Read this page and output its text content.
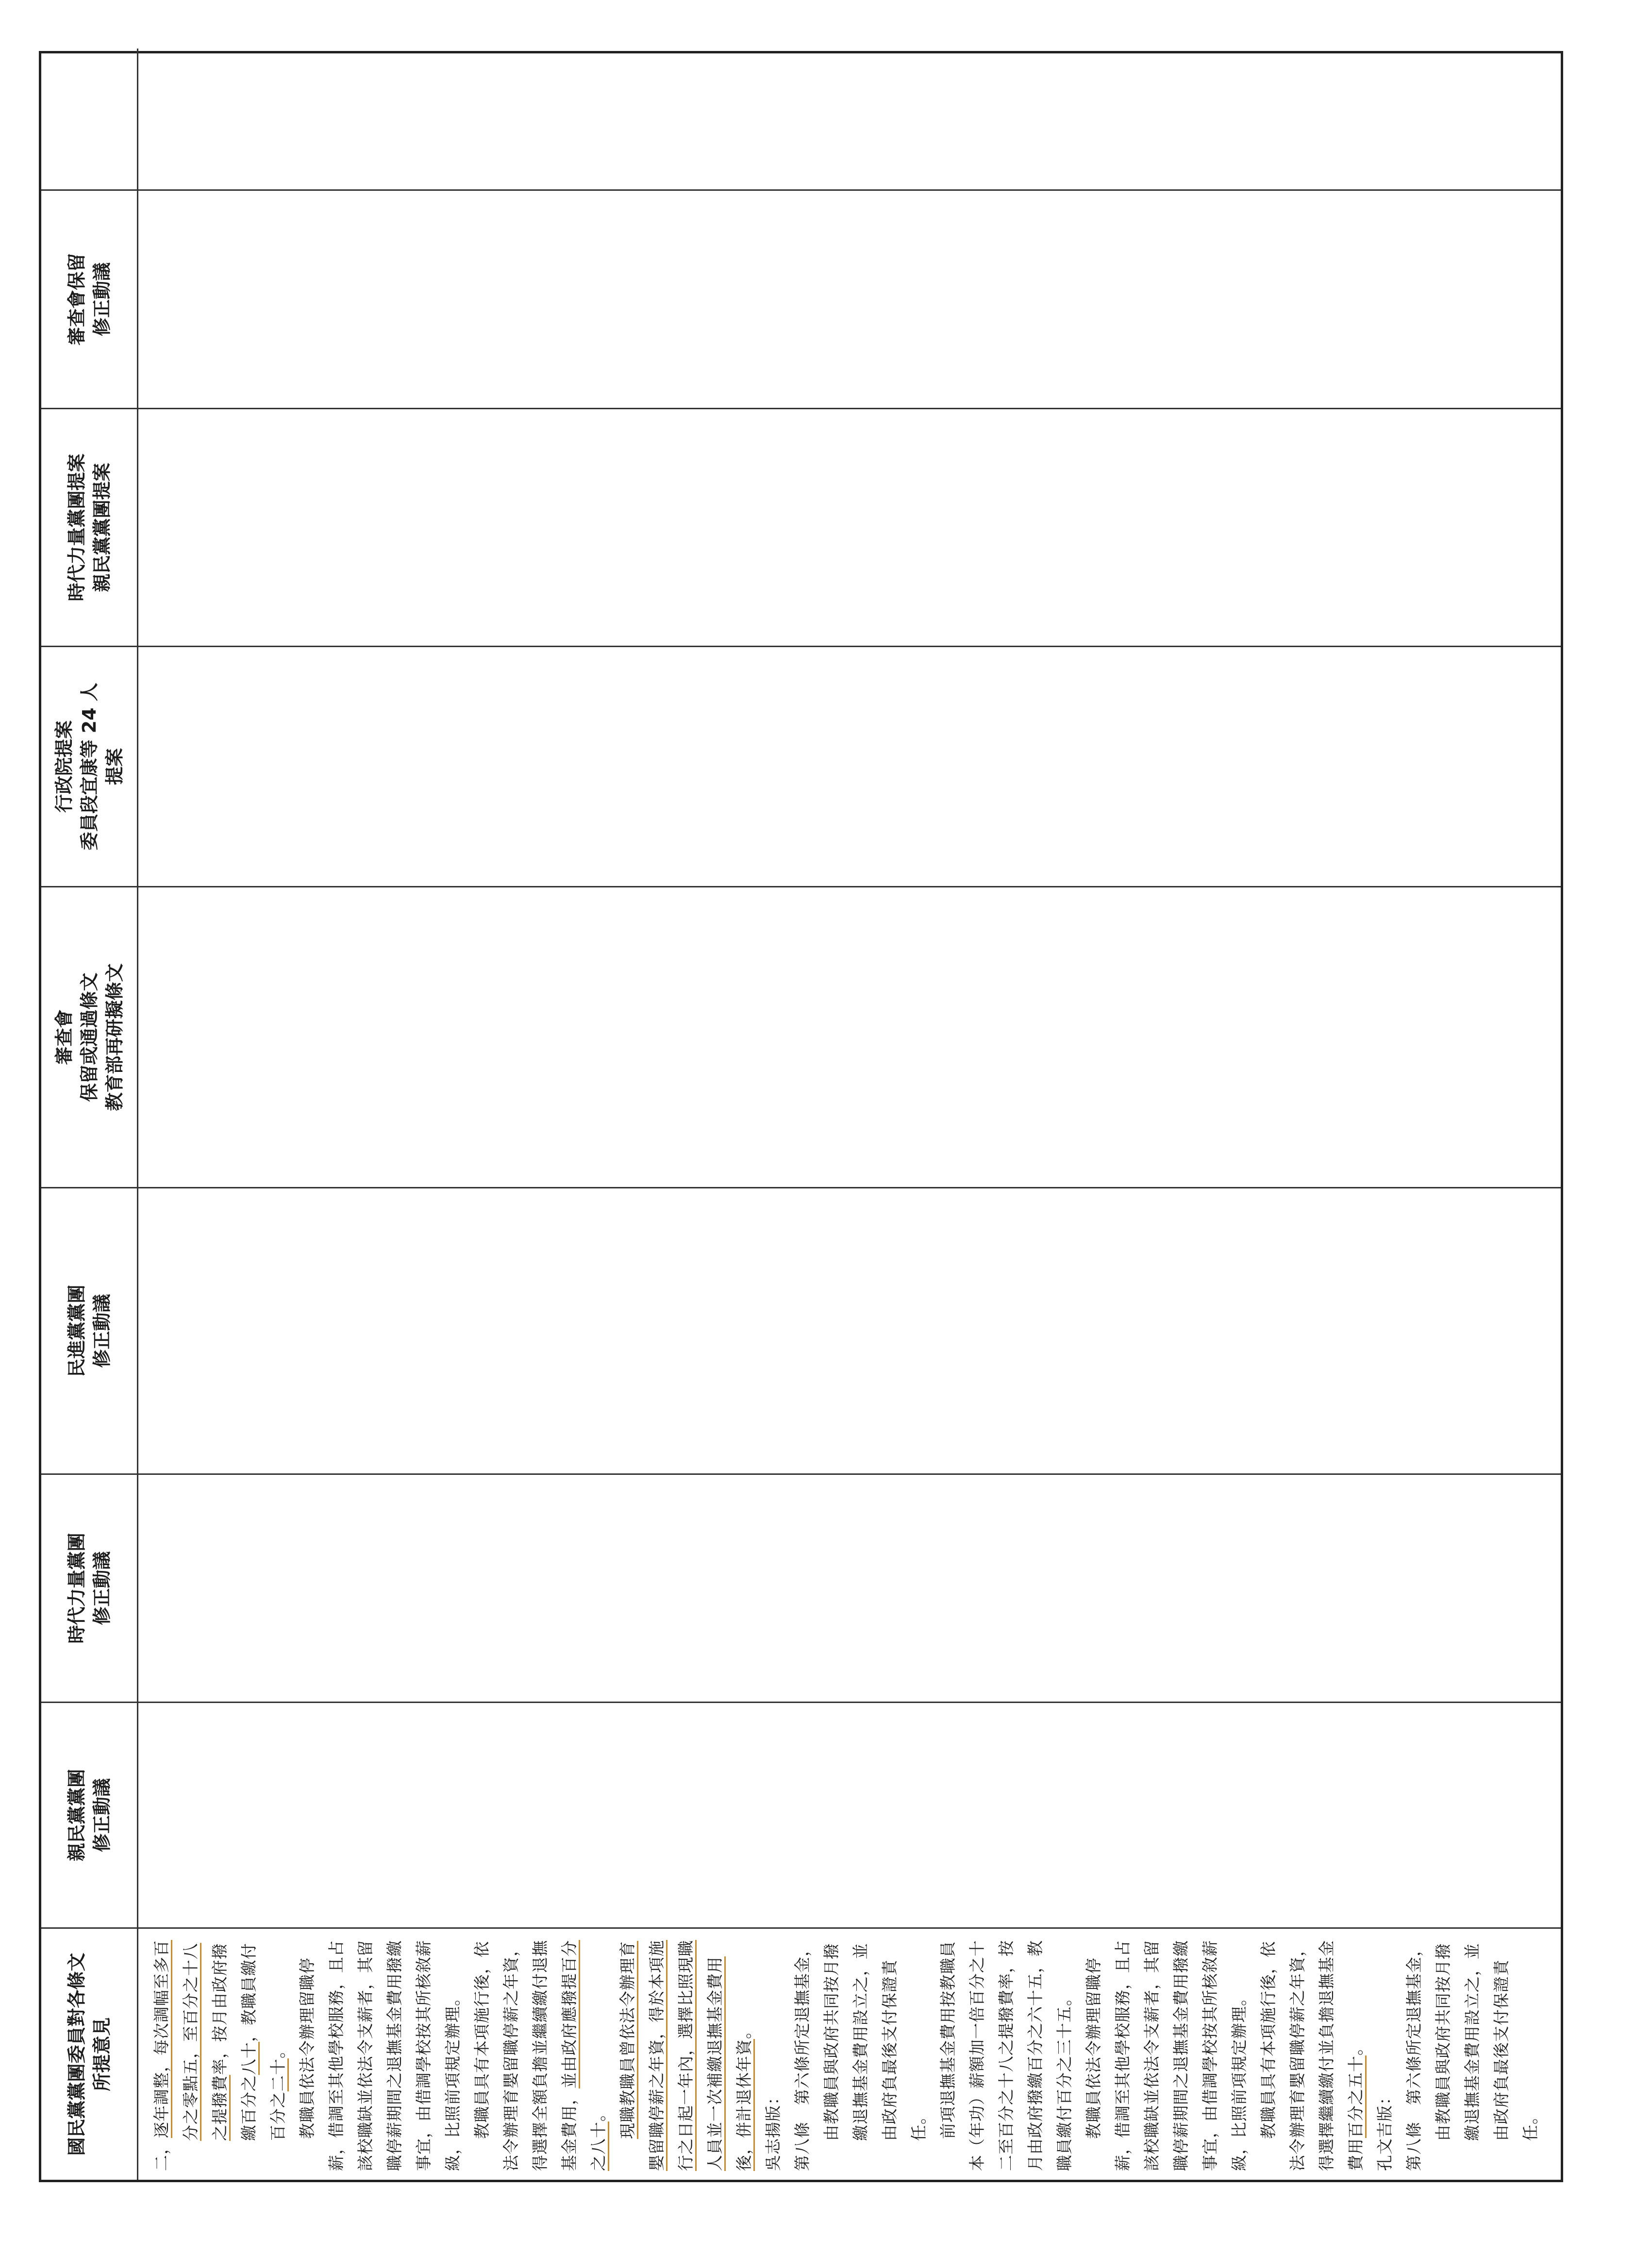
國民黨黨團委員對各條文 所提意見
親民黨黨團 修正動議
時代力量黨團 修正動議
民進黨黨團 修正動議
審查會 保留或通過條文 教育部再研擬條文
行政院提案 委員段宜康等 24 人 提案
時代力量黨團提案 親民黨黨團提案
審查會保留 修正動議

二，逐年調整，每次調幅至多百分之零點五，至百分之十八之提撥費率，按月由政府撥繳百分之八十，教職員繳付百分之二十。 教職員依法令辦理留職停薪，借調至其他學校服務，且占該校職缺並依法令支薪者，其留職停薪期間之退撫基金費用撥繳事宜，由借調學校按其所核敘薪級，比照前項規定辦理。 教職員具有本項施行後，依法令辦理育嬰留職停薪之年資，得選擇全額負擔並繼續繳付退撫基金費用，並由政府應撥提百分之八十。 現職教職員曾依法令辦理育嬰留職停薪之年資，得於本項施行之日起一年內，選擇比照現職人員並一次補繳退撫基金費用後，併計退休年資。

吳志揚版： 第八條　第六條所定退撫基金，由教職員與政府共同按月撥繳退撫基金費用設立之，並由政府負最後支付保證責任。 前項退撫基金費用按教職員本（年功）薪額加一倍百分之十二至百分之十八之提撥費率，按月由政府撥繳百分之六十五，教職員繳付百分之三十五。 教職員依法令辦理留職停薪，借調至其他學校服務，且占該校職缺並依法令支薪者，其留職停薪期間之退撫基金費用撥繳事宜，由借調學校按其所核敘薪級，比照前項規定辦理。 教職員具有本項施行後，依法令辦理育嬰留職停薪之年資，得選擇繼續繳付並負擔退撫基金費用百分之五十。

孔文吉版： 第八條　第六條所定退撫基金，由教職員與政府共同按月撥繳退撫基金費用設立之，並由政府負最後支付保證責任。
